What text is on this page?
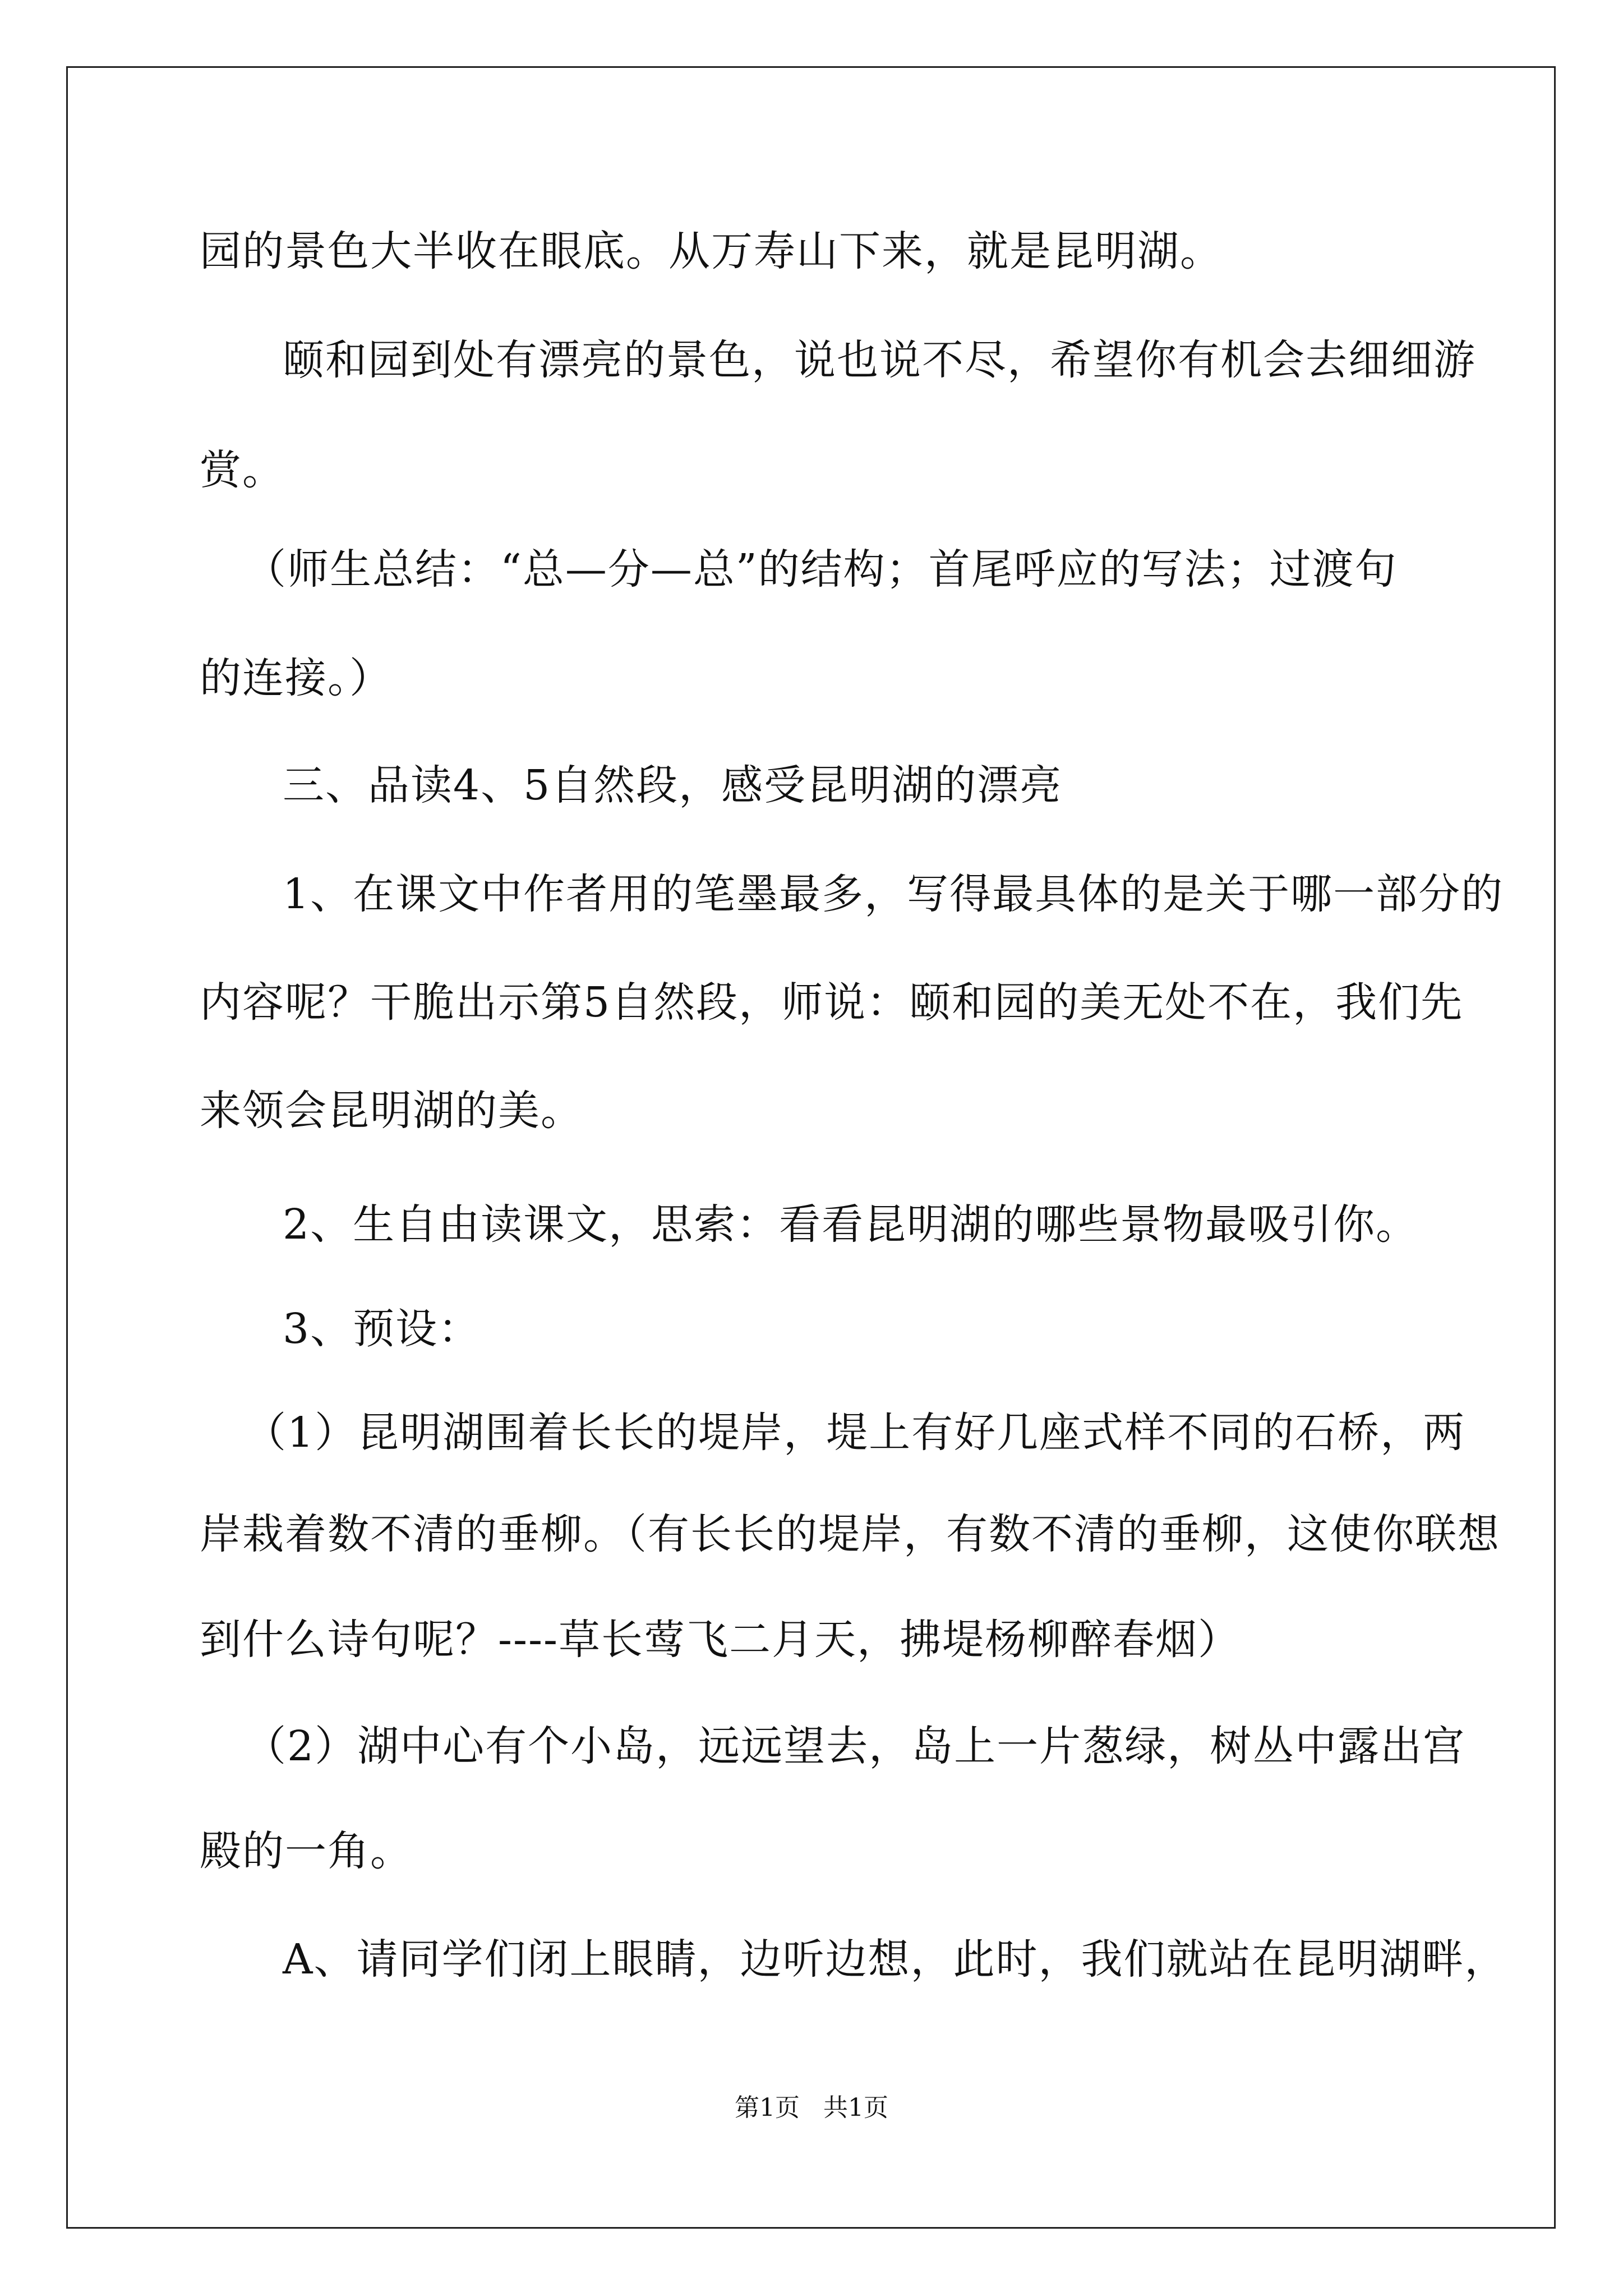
园的景色大半收在眼底。从万寿山下来，就是昆明湖。
颐和园到处有漂亮的景色，说也说不尽，希望你有机会去细细游
赏。
（师生总结：“总—分—总”的结构；首尾呼应的写法；过渡句
的连接。）
三、品读4、5自然段，感受昆明湖的漂亮
1、在课文中作者用的笔墨最多，写得最具体的是关于哪一部分的
内容呢？干脆出示第5自然段，师说：颐和园的美无处不在，我们先
来领会昆明湖的美。
2、生自由读课文，思索：看看昆明湖的哪些景物最吸引你。
3、预设：
（1）昆明湖围着长长的堤岸，堤上有好几座式样不同的石桥，两
岸栽着数不清的垂柳。（有长长的堤岸，有数不清的垂柳，这使你联想
到什么诗句呢？----草长莺飞二月天，拂堤杨柳醉春烟）
（2）湖中心有个小岛，远远望去，岛上一片葱绿，树丛中露出宫
殿的一角。
A、请同学们闭上眼睛，边听边想，此时，我们就站在昆明湖畔，
第1页 共1页
